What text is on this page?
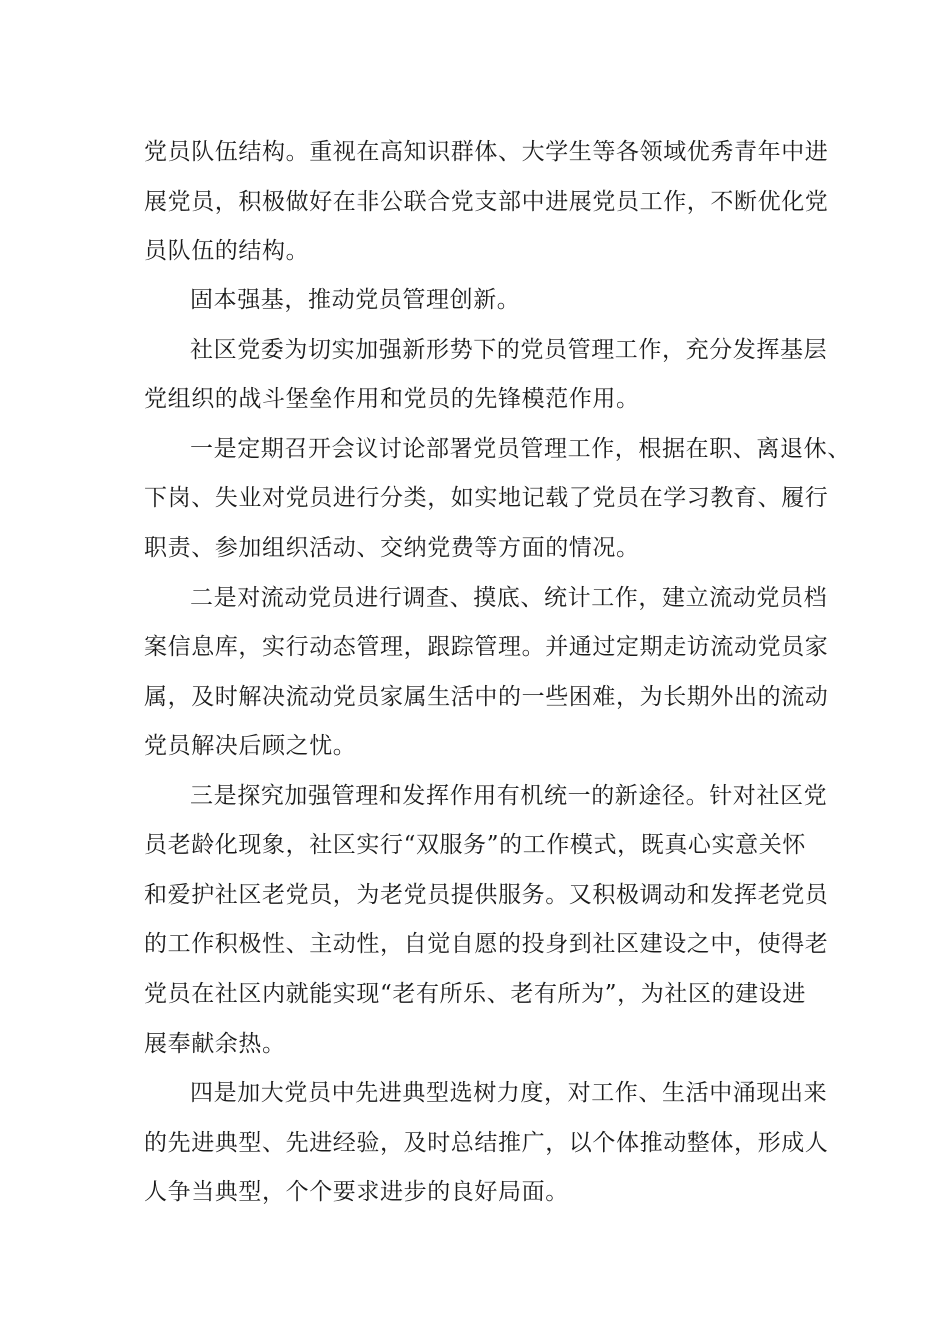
党员队伍结构。重视在高知识群体、大学生等各领域优秀青年中进

展党员，积极做好在非公联合党支部中进展党员工作，不断优化党

员队伍的结构。

固本强基，推动党员管理创新。

社区党委为切实加强新形势下的党员管理工作，充分发挥基层

党组织的战斗堡垒作用和党员的先锋模范作用。

一是定期召开会议讨论部署党员管理工作，根据在职、离退休、

下岗、失业对党员进行分类，如实地记载了党员在学习教育、履行

职责、参加组织活动、交纳党费等方面的情况。

二是对流动党员进行调查、摸底、统计工作，建立流动党员档

案信息库，实行动态管理，跟踪管理。并通过定期走访流动党员家

属，及时解决流动党员家属生活中的一些困难，为长期外出的流动

党员解决后顾之忧。

三是探究加强管理和发挥作用有机统一的新途径。针对社区党

员老龄化现象，社区实行“双服务”的工作模式，既真心实意关怀

和爱护社区老党员，为老党员提供服务。又积极调动和发挥老党员

的工作积极性、主动性，自觉自愿的投身到社区建设之中，使得老

党员在社区内就能实现“老有所乐、老有所为”，为社区的建设进

展奉献余热。

四是加大党员中先进典型选树力度，对工作、生活中涌现出来

的先进典型、先进经验，及时总结推广，以个体推动整体，形成人

人争当典型，个个要求进步的良好局面。
